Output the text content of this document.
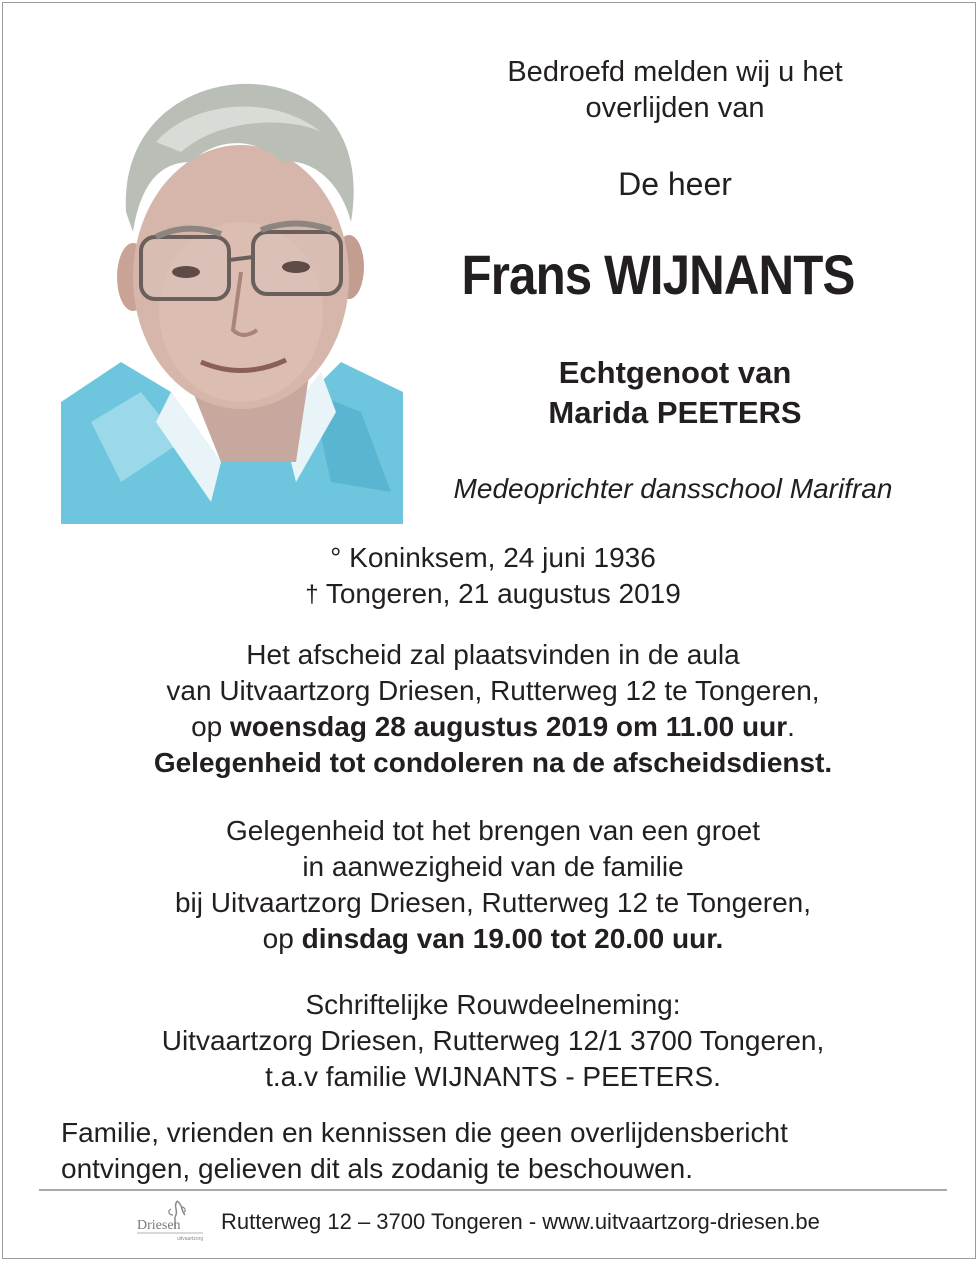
Bedroefd melden wij u het
overlijden van
De heer
Frans WIJNANTS
Echtgenoot van
Marida PEETERS
Medeoprichter dansschool Marifran
° Koninksem, 24 juni 1936
† Tongeren, 21 augustus 2019
Het afscheid zal plaatsvinden in de aula
van Uitvaartzorg Driesen, Rutterweg 12 te Tongeren,
op woensdag 28 augustus 2019 om 11.00 uur.
Gelegenheid tot condoleren na de afscheidsdienst.
Gelegenheid tot het brengen van een groet
in aanwezigheid van de familie
bij Uitvaartzorg Driesen, Rutterweg 12 te Tongeren,
op dinsdag van 19.00 tot 20.00 uur.
Schriftelijke Rouwdeelneming:
Uitvaartzorg Driesen, Rutterweg 12/1 3700 Tongeren,
t.a.v familie WIJNANTS - PEETERS.
Familie, vrienden en kennissen die geen overlijdensbericht
ontvingen, gelieven dit als zodanig te beschouwen.
Driesen
uitvaartzorg
Rutterweg 12 – 3700 Tongeren - www.uitvaartzorg-driesen.be
